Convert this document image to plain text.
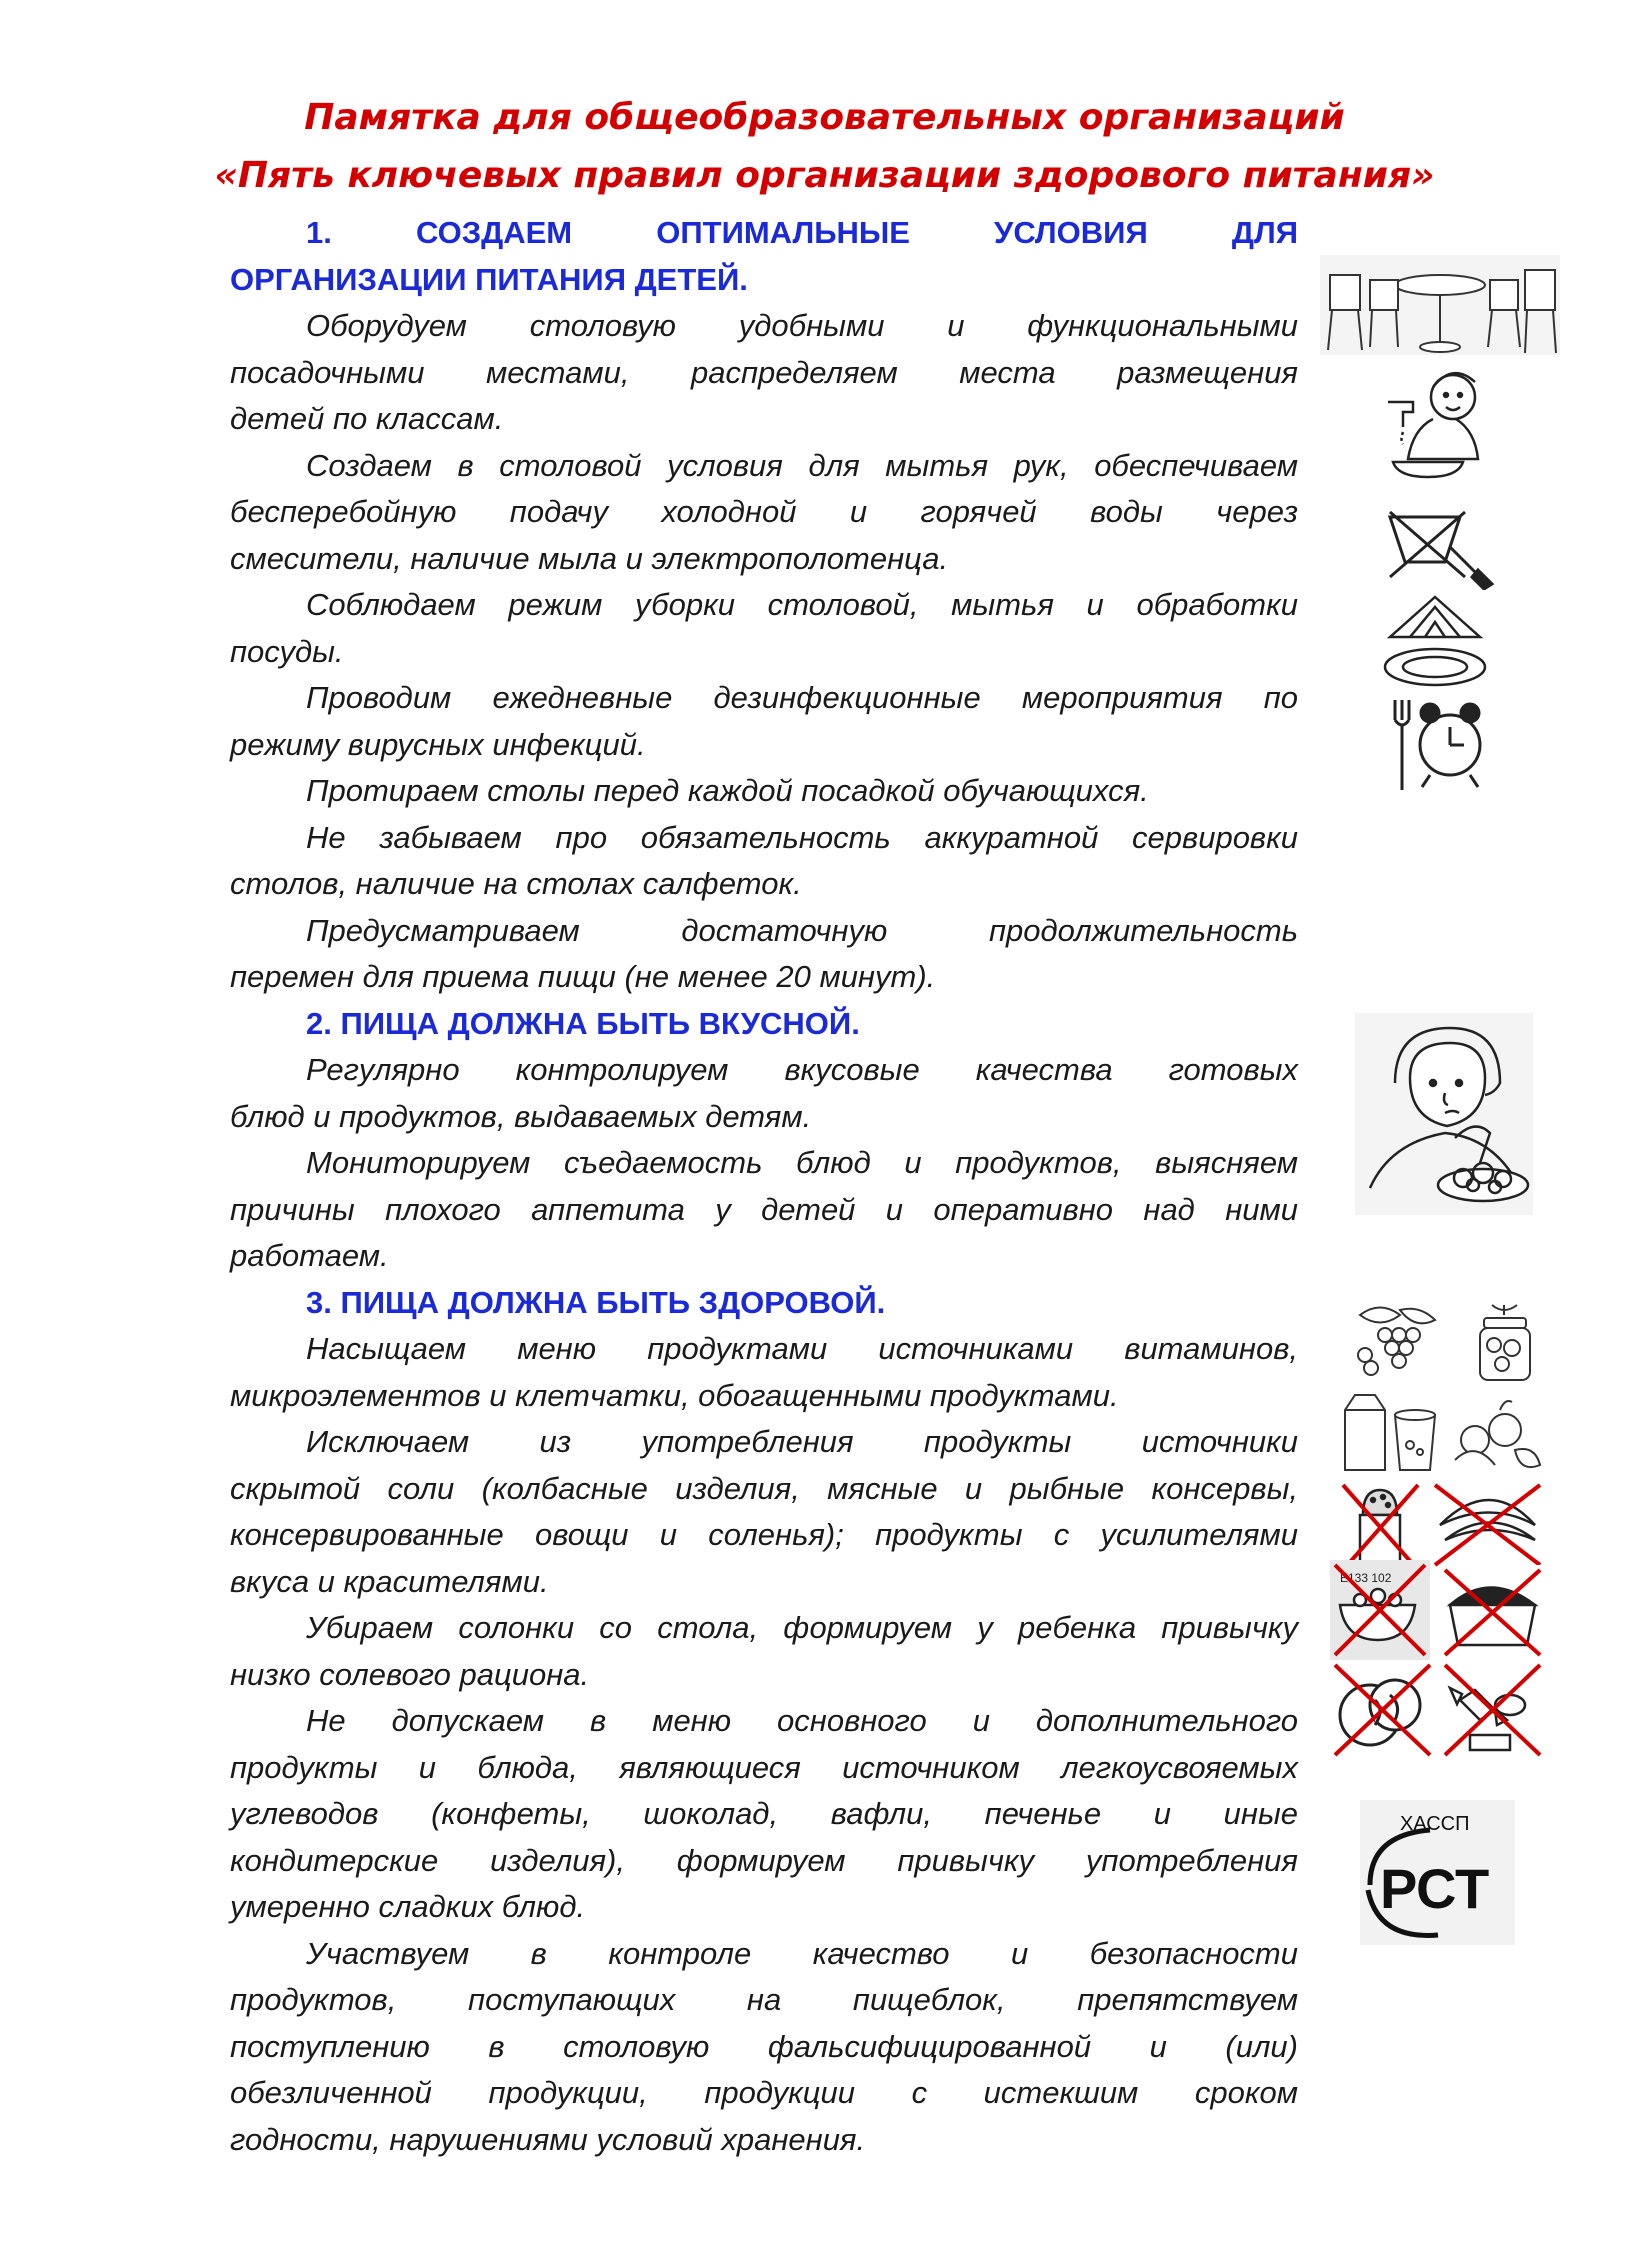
Памятка для общеобразовательных организаций
«Пять ключевых правил организации здорового питания»
1. СОЗДАЕМ ОПТИМАЛЬНЫЕ УСЛОВИЯ ДЛЯ
ОРГАНИЗАЦИИ ПИТАНИЯ ДЕТЕЙ.
Оборудуем столовую удобными и функциональными
посадочными местами, распределяем места размещения
детей по классам.
Создаем в столовой условия для мытья рук, обеспечиваем
бесперебойную подачу холодной и горячей воды через
смесители, наличие мыла и электрополотенца.
Соблюдаем режим уборки столовой, мытья и обработки
посуды.
Проводим ежедневные дезинфекционные мероприятия по
режиму вирусных инфекций.
Протираем столы перед каждой посадкой обучающихся.
Не забываем про обязательность аккуратной сервировки
столов, наличие на столах салфеток.
Предусматриваем достаточную продолжительность
перемен для приема пищи (не менее 20 минут).
2. ПИЩА ДОЛЖНА БЫТЬ ВКУСНОЙ.
Регулярно контролируем вкусовые качества готовых
блюд и продуктов, выдаваемых детям.
Мониторируем съедаемость блюд и продуктов, выясняем
причины плохого аппетита у детей и оперативно над ними
работаем.
3. ПИЩА ДОЛЖНА БЫТЬ ЗДОРОВОЙ.
Насыщаем меню продуктами источниками витаминов,
микроэлементов и клетчатки, обогащенными продуктами.
Исключаем из употребления продукты источники
скрытой соли (колбасные изделия, мясные и рыбные консервы,
консервированные овощи и соленья); продукты с усилителями
вкуса и красителями.
Убираем солонки со стола, формируем у ребенка привычку
низко солевого рациона.
Не допускаем в меню основного и дополнительного
продукты и блюда, являющиеся источником легкоусвояемых
углеводов (конфеты, шоколад, вафли, печенье и иные
кондитерские изделия), формируем привычку употребления
умеренно сладких блюд.
Участвуем в контроле качество и безопасности
продуктов, поступающих на пищеблок, препятствуем
поступлению в столовую фальсифицированной и (или)
обезличенной продукции, продукции с истекшим сроком
годности, нарушениями условий хранения.
E133 102
ХАССП
РСТ
